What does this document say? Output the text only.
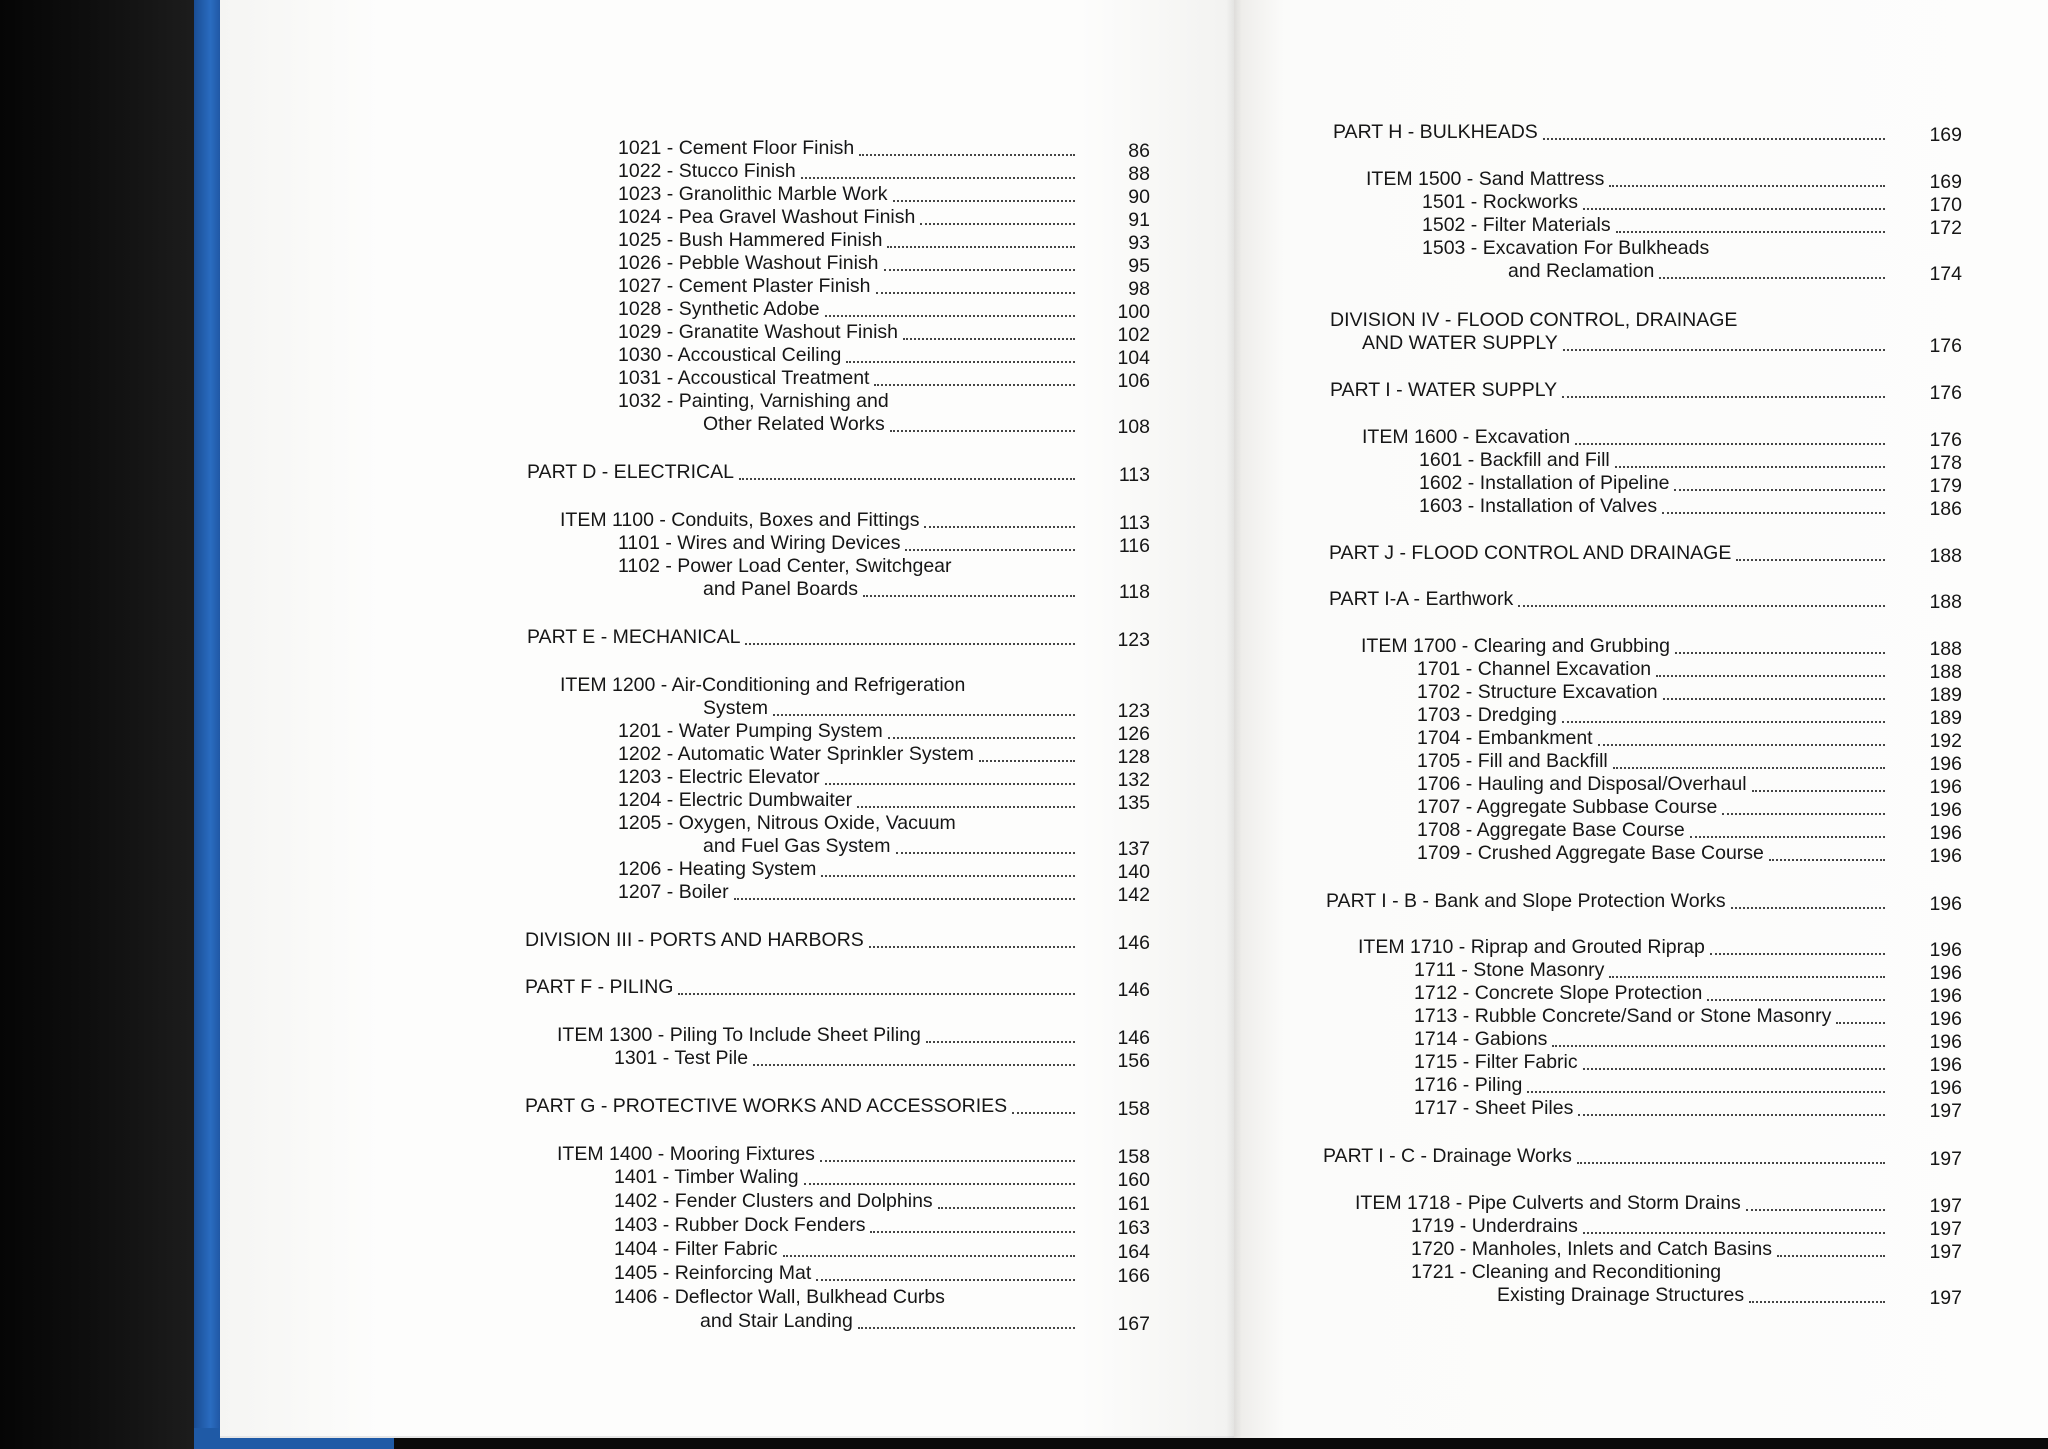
1021 - Cement Floor Finish	86
1022 - Stucco Finish	88
1023 - Granolithic Marble Work	90
1024 - Pea Gravel Washout Finish	91
1025 - Bush Hammered Finish	93
1026 - Pebble Washout Finish	95
1027 - Cement Plaster Finish	98
1028 - Synthetic Adobe	100
1029 - Granatite Washout Finish	102
1030 - Accoustical Ceiling	104
1031 - Accoustical Treatment	106
1032 - Painting, Varnishing and
Other Related Works	108
PART D - ELECTRICAL	113
ITEM 1100 - Conduits, Boxes and Fittings	113
1101 - Wires and Wiring Devices	116
1102 - Power Load Center, Switchgear
and Panel Boards	118
PART E - MECHANICAL	123
ITEM 1200 - Air-Conditioning and Refrigeration
System	123
1201 - Water Pumping System	126
1202 - Automatic Water Sprinkler System	128
1203 - Electric Elevator	132
1204 - Electric Dumbwaiter	135
1205 - Oxygen, Nitrous Oxide, Vacuum
and Fuel Gas System	137
1206 - Heating System	140
1207 - Boiler	142
DIVISION III - PORTS AND HARBORS	146
PART F - PILING	146
ITEM 1300 - Piling To Include Sheet Piling	146
1301 - Test Pile	156
PART G - PROTECTIVE WORKS AND ACCESSORIES	158
ITEM 1400 - Mooring Fixtures	158
1401 - Timber Waling	160
1402 - Fender Clusters and Dolphins	161
1403 - Rubber Dock Fenders	163
1404 - Filter Fabric	164
1405 - Reinforcing Mat	166
1406 - Deflector Wall, Bulkhead Curbs
and Stair Landing	167
PART H - BULKHEADS	169
ITEM 1500 - Sand Mattress	169
1501 - Rockworks	170
1502 - Filter Materials	172
1503 - Excavation For Bulkheads
and Reclamation	174
DIVISION IV - FLOOD CONTROL, DRAINAGE
AND WATER SUPPLY	176
PART I - WATER SUPPLY	176
ITEM 1600 - Excavation	176
1601 - Backfill and Fill	178
1602 - Installation of Pipeline	179
1603 - Installation of Valves	186
PART J - FLOOD CONTROL AND DRAINAGE	188
PART I-A - Earthwork	188
ITEM 1700 - Clearing and Grubbing	188
1701 - Channel Excavation	188
1702 - Structure Excavation	189
1703 - Dredging	189
1704 - Embankment	192
1705 - Fill and Backfill	196
1706 - Hauling and Disposal/Overhaul	196
1707 - Aggregate Subbase Course	196
1708 - Aggregate Base Course	196
1709 - Crushed Aggregate Base Course	196
PART I - B - Bank and Slope Protection Works	196
ITEM 1710 - Riprap and Grouted Riprap	196
1711 - Stone Masonry	196
1712 - Concrete Slope Protection	196
1713 - Rubble Concrete/Sand or Stone Masonry	196
1714 - Gabions	196
1715 - Filter Fabric	196
1716 - Piling	196
1717 - Sheet Piles	197
PART I - C - Drainage Works	197
ITEM 1718 - Pipe Culverts and Storm Drains	197
1719 - Underdrains	197
1720 - Manholes, Inlets and Catch Basins	197
1721 - Cleaning and Reconditioning
Existing Drainage Structures	197
